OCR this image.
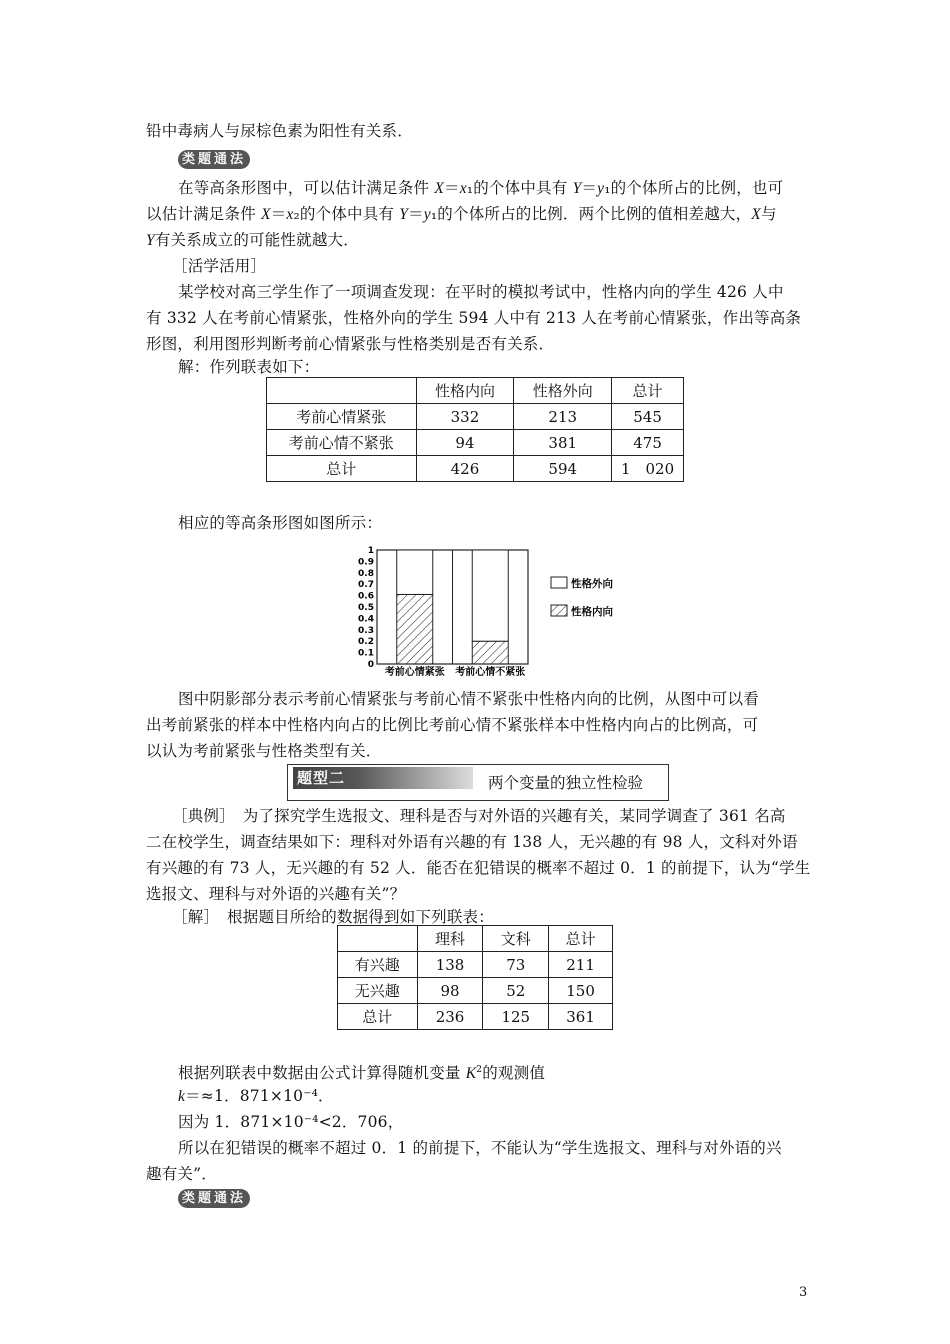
铅中毒病人与尿棕色素为阳性有关系．
类题通法
在等高条形图中，可以估计满足条件 X＝x₁的个体中具有 Y＝y₁的个体所占的比例，也可
以估计满足条件 X＝x₂的个体中具有 Y＝y₁的个体所占的比例．两个比例的值相差越大，X与
Y有关系成立的可能性就越大．
［活学活用］
某学校对高三学生作了一项调查发现：在平时的模拟考试中，性格内向的学生 426 人中
有 332 人在考前心情紧张，性格外向的学生 594 人中有 213 人在考前心情紧张，作出等高条
形图，利用图形判断考前心情紧张与性格类别是否有关系．
解：作列联表如下：
	性格内向	性格外向	总计
考前心情紧张	332	213	545
考前心情不紧张	94	381	475
总计	426	594	1　020
相应的等高条形图如图所示：
0
0.1
0.2
0.3
0.4
0.5
0.6
0.7
0.8
0.9
1
考前心情紧张 考前心情不紧张
性格外向
性格内向
图中阴影部分表示考前心情紧张与考前心情不紧张中性格内向的比例，从图中可以看
出考前紧张的样本中性格内向占的比例比考前心情不紧张样本中性格内向占的比例高，可
以认为考前紧张与性格类型有关．
题型二	两个变量的独立性检验
［典例］　为了探究学生选报文、理科是否与对外语的兴趣有关，某同学调查了 361 名高
二在校学生，调查结果如下：理科对外语有兴趣的有 138 人，无兴趣的有 98 人，文科对外语
有兴趣的有 73 人，无兴趣的有 52 人．能否在犯错误的概率不超过 0．1 的前提下，认为“学生
选报文、理科与对外语的兴趣有关”？
［解］　根据题目所给的数据得到如下列联表：
	理科	文科	总计
有兴趣	138	73	211
无兴趣	98	52	150
总计	236	125	361
根据列联表中数据由公式计算得随机变量 $K^2$的观测值
k＝≈1．871×10⁻⁴．
因为 1．871×10⁻⁴<2．706，
所以在犯错误的概率不超过 0．1 的前提下，不能认为“学生选报文、理科与对外语的兴
趣有关”．
类题通法
3
